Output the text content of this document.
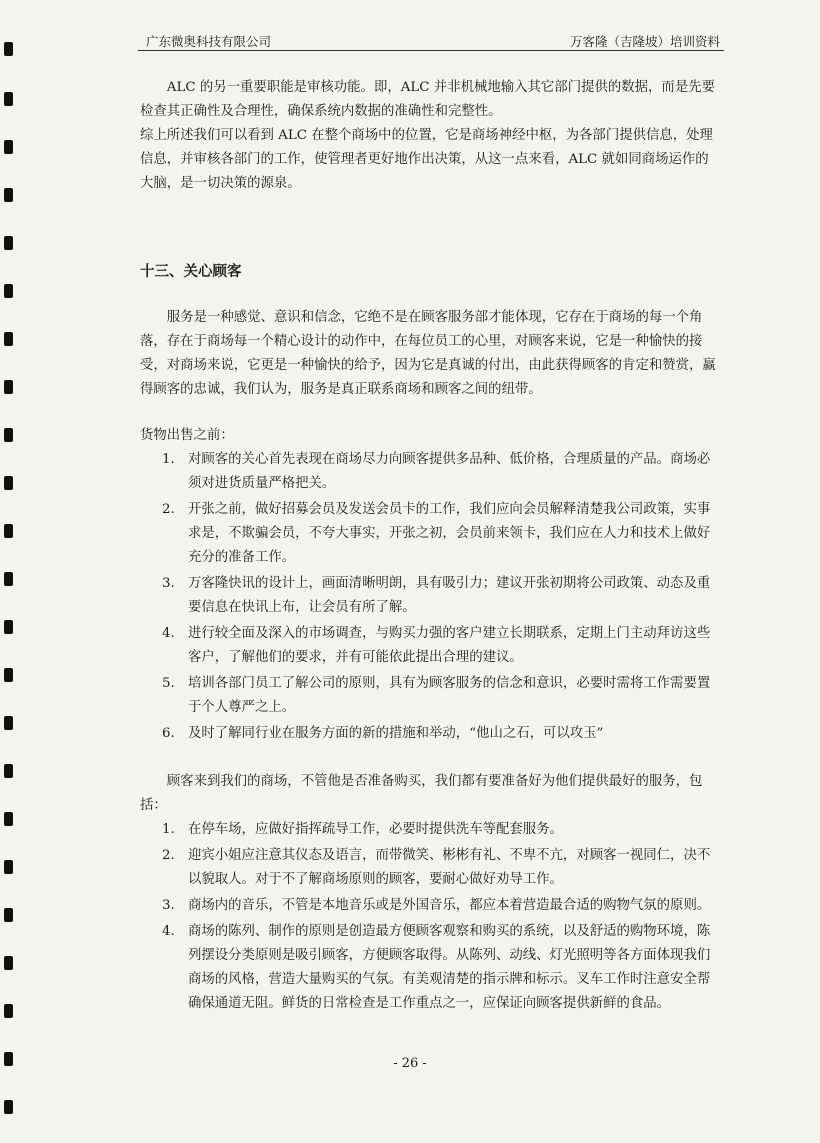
广东微奥科技有限公司	万客隆（吉隆坡）培训资料

ALC 的另一重要职能是审核功能。即，ALC 并非机械地输入其它部门提供的数据，而是先要检查其正确性及合理性，确保系统内数据的准确性和完整性。

综上所述我们可以看到 ALC 在整个商场中的位置，它是商场神经中枢，为各部门提供信息，处理信息，并审核各部门的工作，使管理者更好地作出决策，从这一点来看，ALC 就如同商场运作的大脑，是一切决策的源泉。

十三、关心顾客

服务是一种感觉、意识和信念，它绝不是在顾客服务部才能体现，它存在于商场的每一个角落，存在于商场每一个精心设计的动作中，在每位员工的心里，对顾客来说，它是一种愉快的接受，对商场来说，它更是一种愉快的给予，因为它是真诚的付出，由此获得顾客的肯定和赞赏，赢得顾客的忠诚，我们认为，服务是真正联系商场和顾客之间的纽带。

货物出售之前：

1. 对顾客的关心首先表现在商场尽力向顾客提供多品种、低价格，合理质量的产品。商场必须对进货质量严格把关。
2. 开张之前，做好招募会员及发送会员卡的工作，我们应向会员解释清楚我公司政策，实事求是，不欺骗会员，不夸大事实，开张之初，会员前来领卡，我们应在人力和技术上做好充分的准备工作。
3. 万客隆快讯的设计上，画面清晰明朗，具有吸引力；建议开张初期将公司政策、动态及重要信息在快讯上布，让会员有所了解。
4. 进行较全面及深入的市场调查，与购买力强的客户建立长期联系，定期上门主动拜访这些客户，了解他们的要求，并有可能依此提出合理的建议。
5. 培训各部门员工了解公司的原则，具有为顾客服务的信念和意识，必要时需将工作需要置于个人尊严之上。
6. 及时了解同行业在服务方面的新的措施和举动，“他山之石，可以攻玉”

顾客来到我们的商场，不管他是否准备购买，我们都有要准备好为他们提供最好的服务，包括：

1. 在停车场，应做好指挥疏导工作，必要时提供洗车等配套服务。
2. 迎宾小姐应注意其仪态及语言，而带微笑、彬彬有礼、不卑不亢，对顾客一视同仁，决不以貌取人。对于不了解商场原则的顾客，要耐心做好劝导工作。
3. 商场内的音乐，不管是本地音乐或是外国音乐，都应本着营造最合适的购物气氛的原则。
4. 商场的陈列、制作的原则是创造最方便顾客观察和购买的系统，以及舒适的购物环境，陈列摆设分类原则是吸引顾客，方便顾客取得。从陈列、动线、灯光照明等各方面体现我们商场的风格，营造大量购买的气氛。有美观清楚的指示牌和标示。叉车工作时注意安全帮确保通道无阻。鲜货的日常检查是工作重点之一，应保证向顾客提供新鲜的食品。
- 26 -
